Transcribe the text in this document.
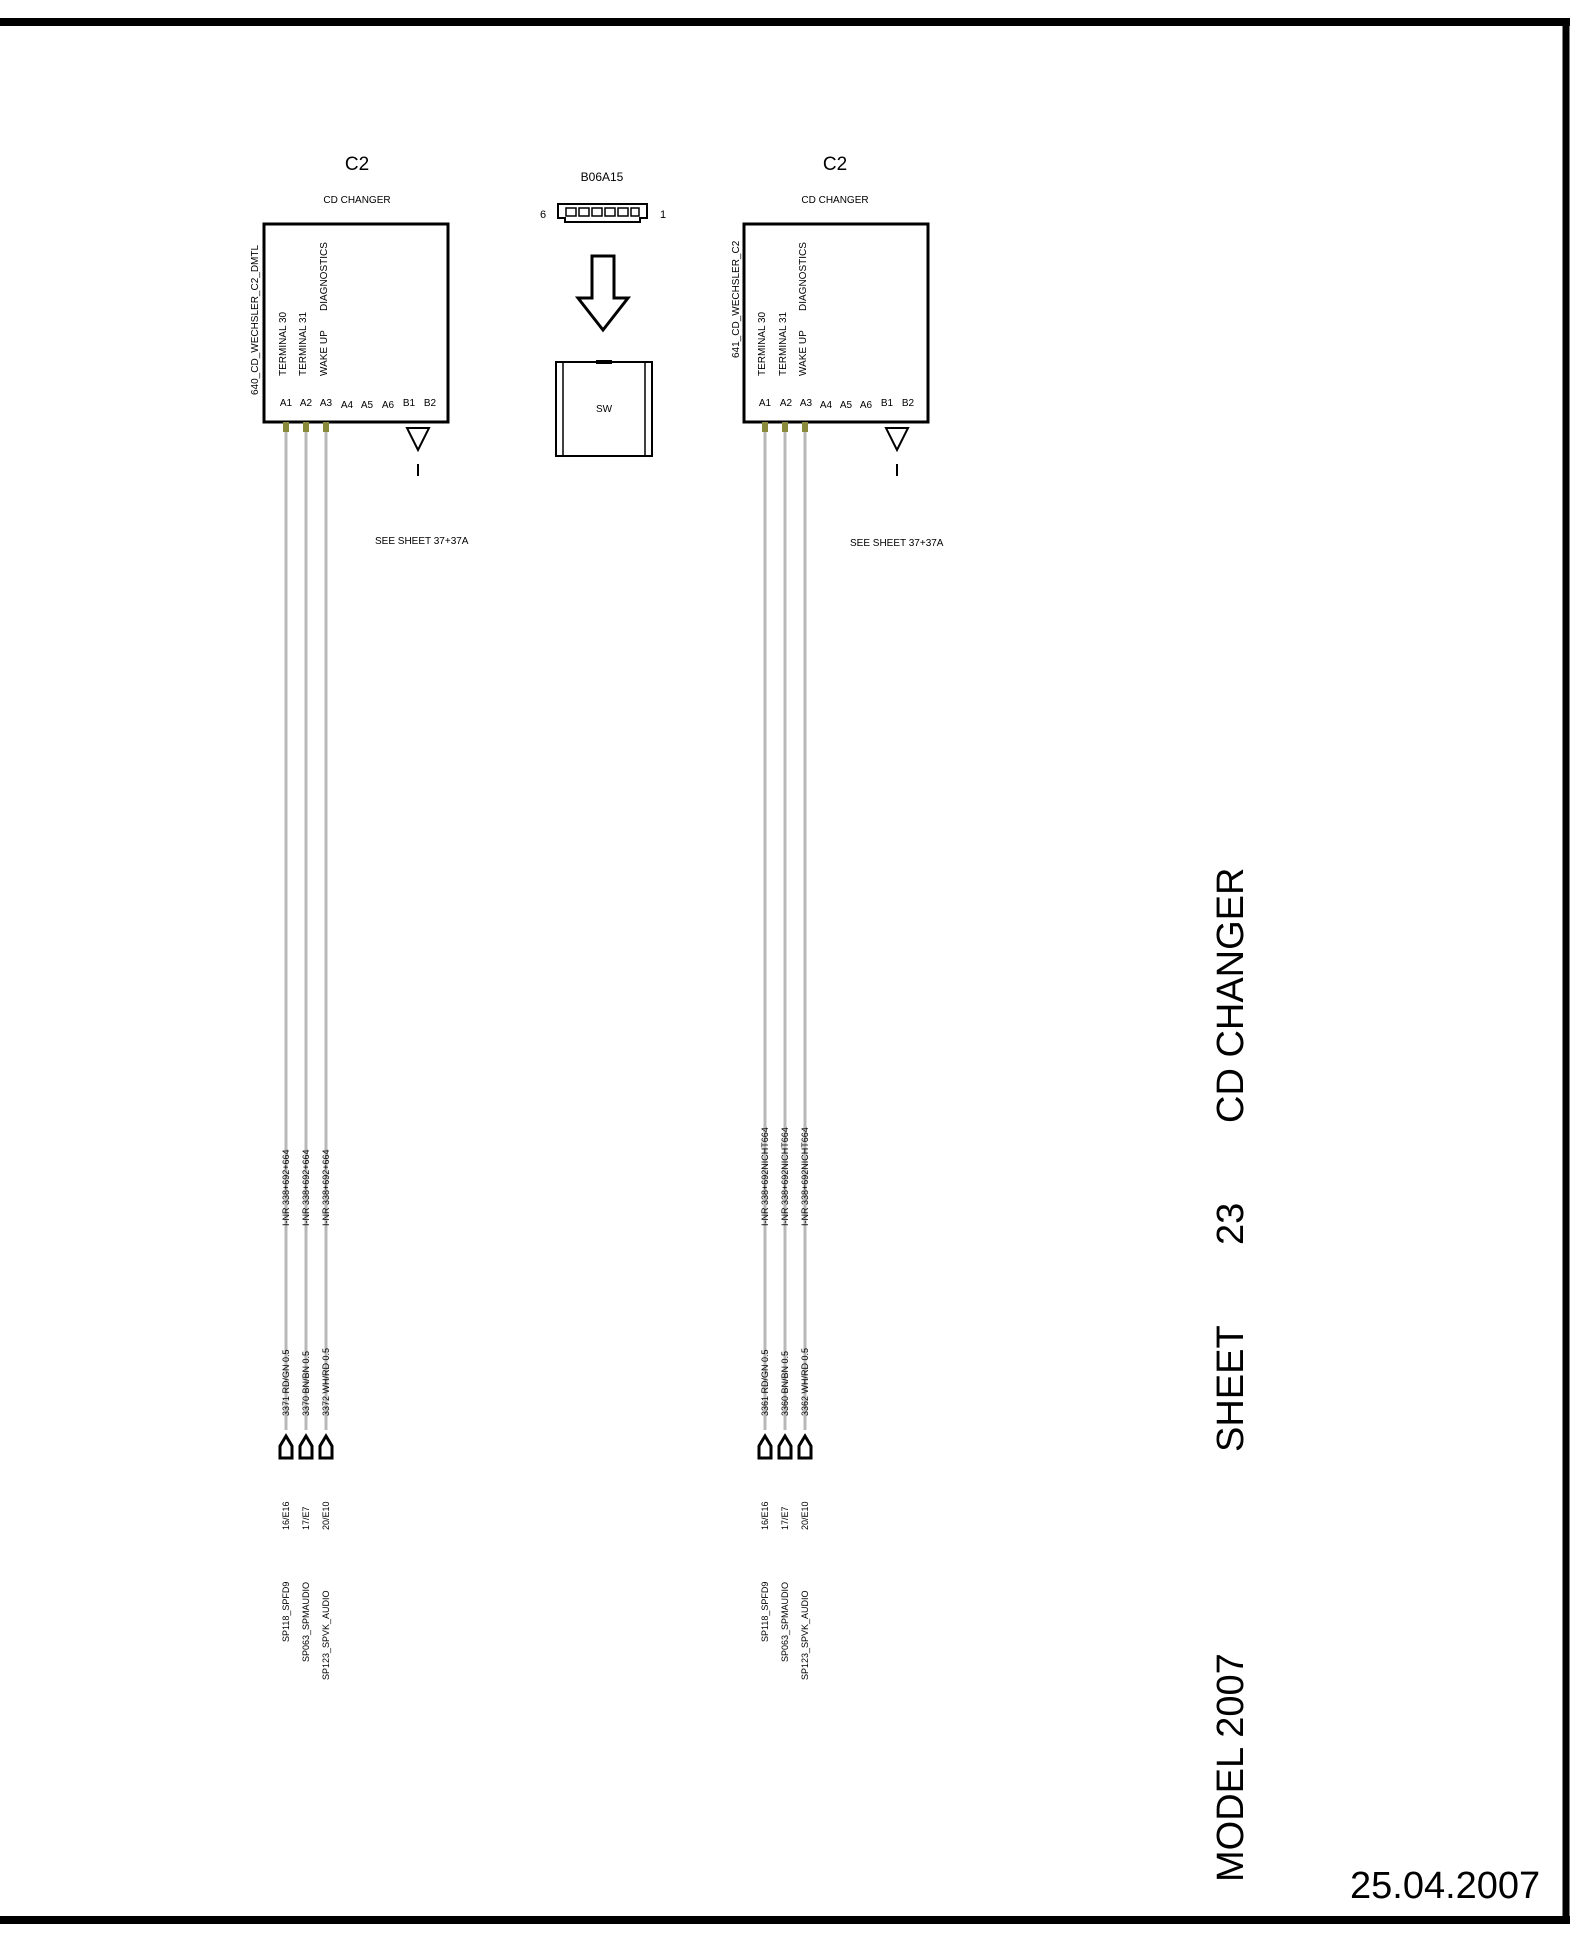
C2
CD CHANGER
640_CD_WECHSLER_C2_DMTL TERMINAL 30 TERMINAL 31 WAKE UP
DIAGNOSTICS
A1 A2 A3 A4 A5 A6 B1 B2
SEE SHEET 37+37A
I-NR 338+692+664 I-NR 338+692+664 I-NR 338+692+664
3371 RD/GN 0.5 3370 BN/BN 0.5 3372 WH/RD 0.5
16/E16 17/E7 20/E10
SP118_SPFD9 SP063_SPMAUDIO SP123_SPVK_AUDIO
B06A15
6	1
SW
C2
CD CHANGER
641_CD_WECHSLER_C2 TERMINAL 30 TERMINAL 31 WAKE UP
DIAGNOSTICS
A1 A2 A3 A4 A5 A6 B1 B2
SEE SHEET 37+37A
I-NR 338+692NICHT664 I-NR 338+692NICHT664 I-NR 338+692NICHT664
3361 RD/GN 0.5 3360 BN/BN 0.5 3362 WH/RD 0.5
16/E16 17/E7 20/E10
SP118_SPFD9 SP063_SPMAUDIO SP123_SPVK_AUDIO
MODEL 2007
SHEET
23
CD CHANGER
25.04.2007
